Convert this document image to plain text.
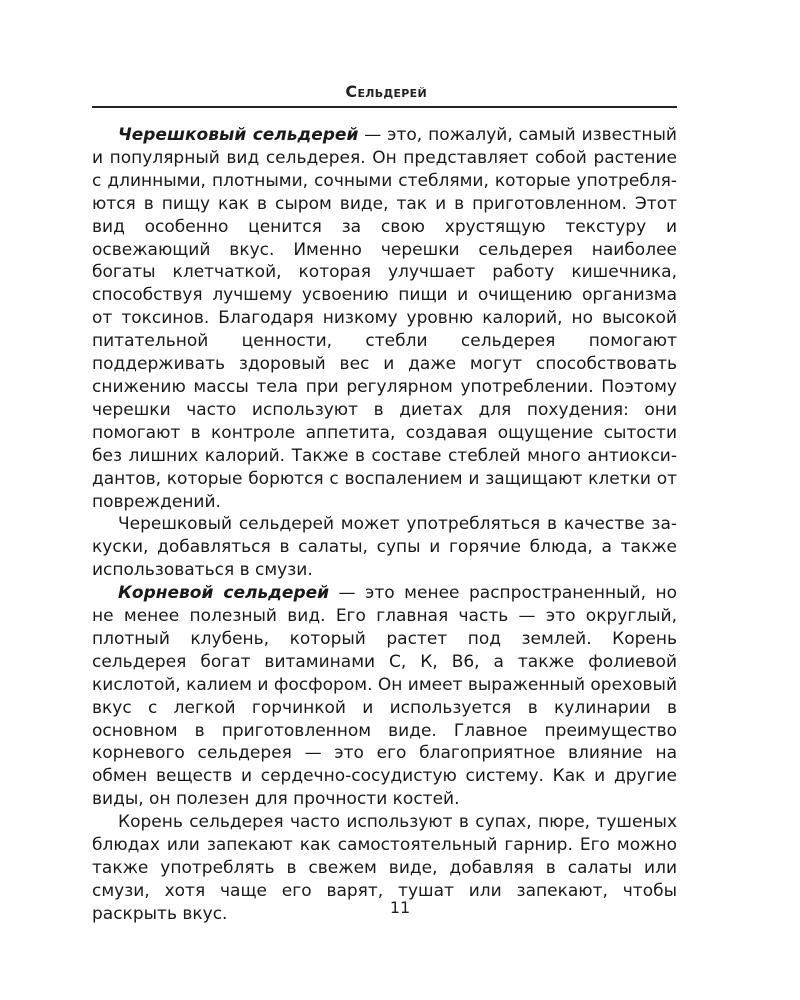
Сельдерей

Черешковый сельдерей — это, пожалуй, самый известный и популярный вид сельдерея. Он представляет собой растение с длинными, плотными, сочными стеблями, которые употребляются в пищу как в сыром виде, так и в приготовленном. Этот вид особенно ценится за свою хрустящую текстуру и освежающий вкус. Именно черешки сельдерея наиболее богаты клетчаткой, которая улучшает работу кишечника, способствуя лучшему усвоению пищи и очищению организма от токсинов. Благодаря низкому уровню калорий, но высокой питательной ценности, стебли сельдерея помогают поддерживать здоровый вес и даже могут способствовать снижению массы тела при регулярном употреблении. Поэтому черешки часто используют в диетах для похудения: они помогают в контроле аппетита, создавая ощущение сытости без лишних калорий. Также в составе стеблей много антиоксидантов, которые борются с воспалением и защищают клетки от повреждений.

Черешковый сельдерей может употребляться в качестве закуски, добавляться в салаты, супы и горячие блюда, а также использоваться в смузи.

Корневой сельдерей — это менее распространенный, но не менее полезный вид. Его главная часть — это округлый, плотный клубень, который растет под землей. Корень сельдерея богат витаминами С, К, В6, а также фолиевой кислотой, калием и фосфором. Он имеет выраженный ореховый вкус с легкой горчинкой и используется в кулинарии в основном в приготовленном виде. Главное преимущество корневого сельдерея — это его благоприятное влияние на обмен веществ и сердечно-сосудистую систему. Как и другие виды, он полезен для прочности костей.

Корень сельдерея часто используют в супах, пюре, тушеных блюдах или запекают как самостоятельный гарнир. Его можно также употреблять в свежем виде, добавляя в салаты или смузи, хотя чаще его варят, тушат или запекают, чтобы раскрыть вкус.	11
